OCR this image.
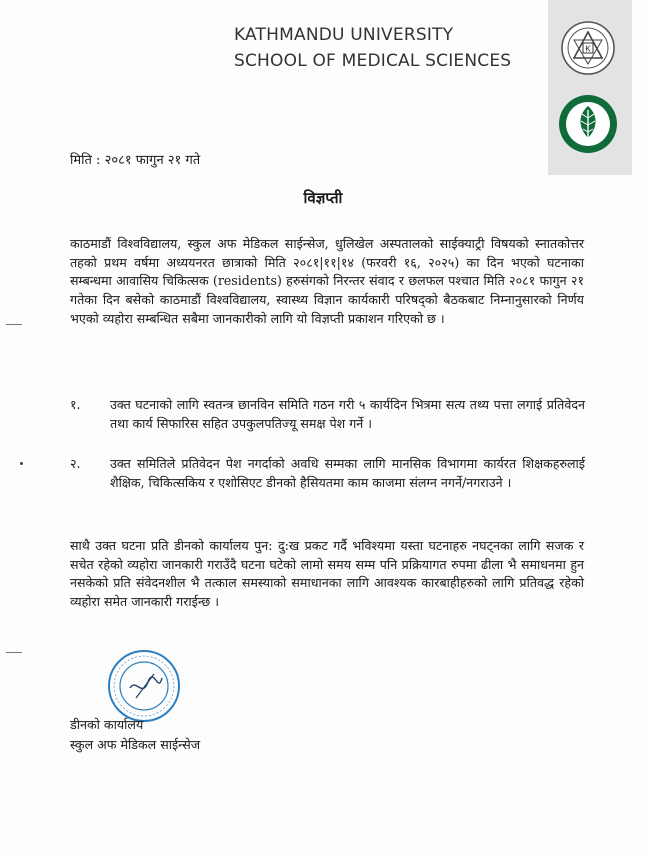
KATHMANDU UNIVERSITY
SCHOOL OF MEDICAL SCIENCES
K
मिति : २०८१ फागुन २१ गते
विज्ञप्ती
काठमाडौं विश्वविद्यालय, स्कुल अफ मेडिकल साईन्सेज, धुलिखेल अस्पतालको साईक्याट्री विषयको स्नातकोत्तर तहको प्रथम वर्षमा अध्ययनरत छात्राको मिति २०८१|११|१४ (फरवरी १६, २०२५) का दिन भएको घटनाका सम्बन्धमा आवासिय चिकित्सक (residents) हरुसंगको निरन्तर संवाद र छलफल पश्चात मिति २०८१ फागुन २१ गतेका दिन बसेको काठमाडौं विश्वविद्यालय, स्वास्थ्य विज्ञान कार्यकारी परिषद्को बैठकबाट निम्नानुसारको निर्णय भएको व्यहोरा सम्बन्धित सबैमा जानकारीको लागि यो विज्ञप्ती प्रकाशन गरिएको छ ।
१.	उक्त घटनाको लागि स्वतन्त्र छानविन समिति गठन गरी ५ कार्यदिन भित्रमा सत्य तथ्य पत्ता लगाई प्रतिवेदन तथा कार्य सिफारिस सहित उपकुलपतिज्यू समक्ष पेश गर्ने ।
२.	उक्त समितिले प्रतिवेदन पेश नगर्दाको अवधि सम्मका लागि मानसिक विभागमा कार्यरत शिक्षकहरुलाई शैक्षिक, चिकित्सकिय र एशोसिएट डीनको हैसियतमा काम काजमा संलग्न नगर्ने/नगराउने ।
साथै उक्त घटना प्रति डीनको कार्यालय पुन: दु:ख प्रकट गर्दै भविश्यमा यस्ता घटनाहरु नघट्नका लागि सजक र सचेत रहेको व्यहोरा जानकारी गराउँदै घटना घटेको लामो समय सम्म पनि प्रक्रियागत रुपमा ढीला भै समाधनमा हुन नसकेको प्रति संवेदनशील भै तत्काल समस्याको समाधानका लागि आवश्यक कारबाहीहरुको लागि प्रतिवद्ध रहेको व्यहोरा समेत जानकारी गराईन्छ ।
डीनको कार्यालय
स्कुल अफ मेडिकल साईन्सेज
